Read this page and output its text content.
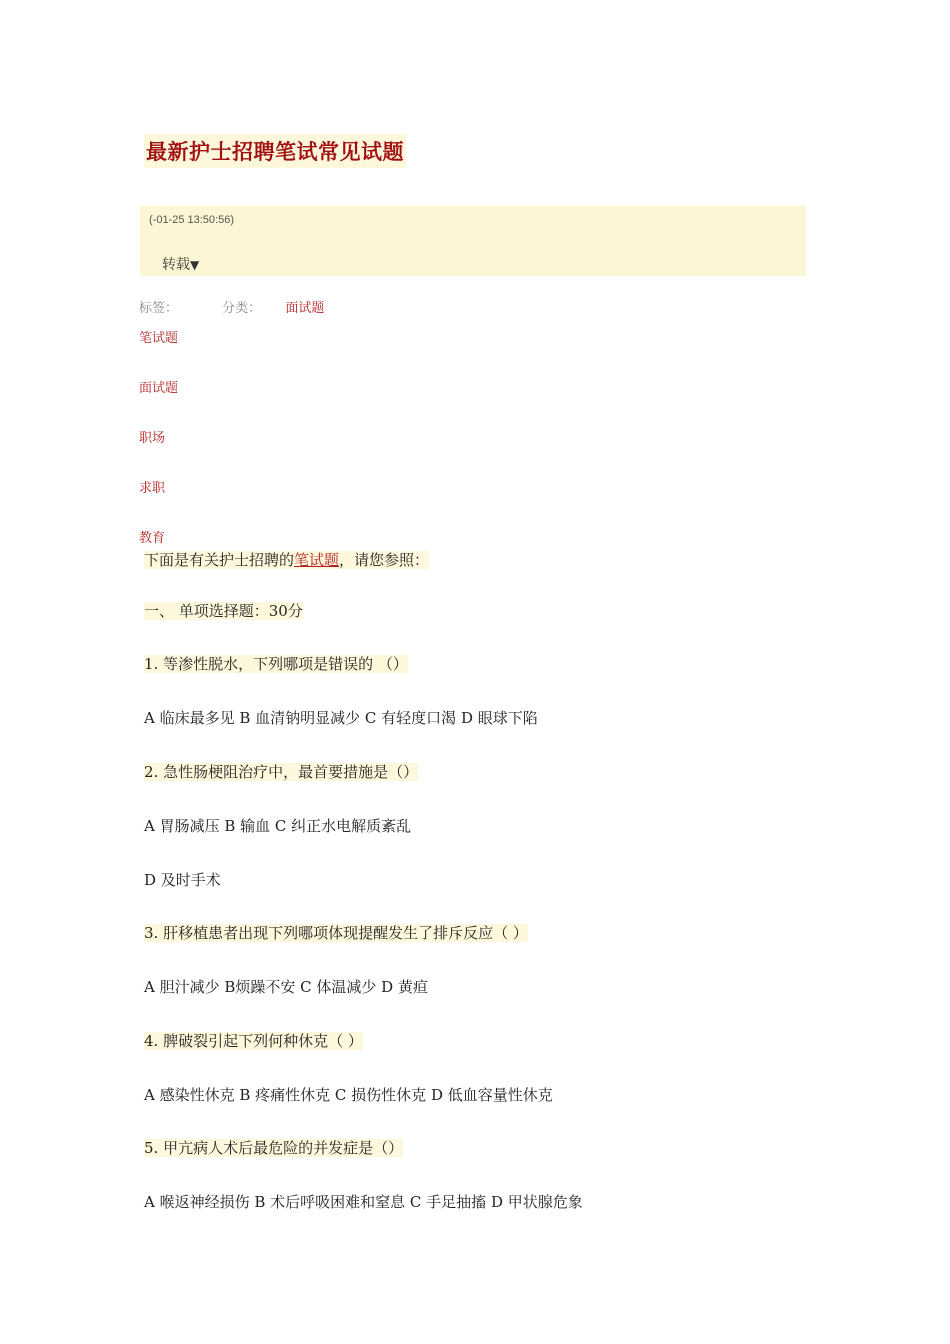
最新护士招聘笔试常见试题
(-01-25 13:50:56)
转载▼
标签：	分类： 面试题
笔试题
面试题
职场
求职
教育
下面是有关护士招聘的笔试题，请您参照：
一、 单项选择题：30分
1. 等渗性脱水，下列哪项是错误的 （）
A 临床最多见 B 血清钠明显减少 C 有轻度口渴 D 眼球下陷
2. 急性肠梗阻治疗中，最首要措施是（）
A 胃肠减压 B 输血 C 纠正水电解质紊乱
D 及时手术
3. 肝移植患者出现下列哪项体现提醒发生了排斥反应（ ）
A 胆汁减少 B烦躁不安 C 体温减少 D 黄疸
4. 脾破裂引起下列何种休克（ ）
A 感染性休克 B 疼痛性休克 C 损伤性休克 D 低血容量性休克
5. 甲亢病人术后最危险的并发症是（）
A 喉返神经损伤 B 术后呼吸困难和窒息 C 手足抽搐 D 甲状腺危象
